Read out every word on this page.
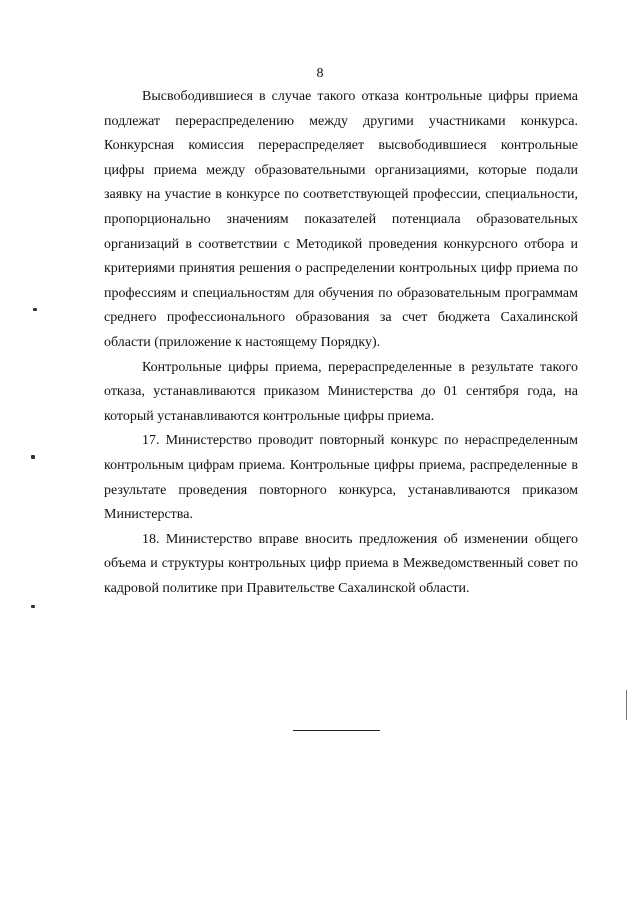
8

Высвободившиеся в случае такого отказа контрольные цифры приема подлежат перераспределению между другими участниками конкурса. Конкурсная комиссия перераспределяет высвободившиеся контрольные цифры приема между образовательными организациями, которые подали заявку на участие в конкурсе по соответствующей профессии, специальности, пропорционально значениям показателей потенциала образовательных организаций в соответствии с Методикой проведения конкурсного отбора и критериями принятия решения о распределении контрольных цифр приема по профессиям и специальностям для обучения по образовательным программам среднего профессионального образования за счет бюджета Сахалинской области (приложение к настоящему Порядку).

Контрольные цифры приема, перераспределенные в результате такого отказа, устанавливаются приказом Министерства до 01 сентября года, на который устанавливаются контрольные цифры приема.

17. Министерство проводит повторный конкурс по нераспределенным контрольным цифрам приема. Контрольные цифры приема, распределенные в результате проведения повторного конкурса, устанавливаются приказом Министерства.

18. Министерство вправе вносить предложения об изменении общего объема и структуры контрольных цифр приема в Межведомственный совет по кадровой политике при Правительстве Сахалинской области.
